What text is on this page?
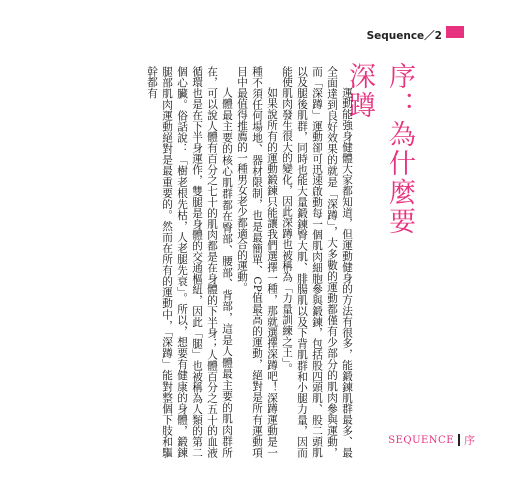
Sequence／2
序：為什麼要深蹲

運動能強身健體大家都知道，但運動健身的方法有很多，能鍛鍊肌群最多、最全面達到良好效果的就是「深蹲」，大多數的運動都僅有少部分的肌肉參與運動，而「深蹲」運動卻可迅速啟動每一個肌肉細胞參與鍛鍊，包括股四頭肌、股二頭肌以及腿後肌群，同時也能大量鍛鍊臀大肌、腓腸肌以及下背肌群和小腿力量，因而能使肌肉發生很大的變化，因此深蹲也被稱為「力量訓練之王」。

如果說所有的運動鍛鍊只能讓我們選擇一種，那就選擇深蹲吧！深蹲運動是一種不須任何場地、器材限制，也是最簡單、CP值最高的運動，絕對是所有運動項目中最值得推薦的一種男女老少都適合的運動。

人體最主要的核心肌群都在臀部、腰部、背部，這是人體最主要的肌肉群所在，可以說人體有百分之七十的肌肉都是在身體的下半身；人體百分之五十的血液循環也是在下半身運作，雙腿是身體的交通樞紐，因此「腿」也被稱為人類的第二個心臟。俗話說：「樹老根先枯，人老腿先衰」。所以，想要有健康的身體，鍛鍊腿部肌肉運動絕對是最重要的。然而在所有的運動中，「深蹲」能對整個下肢和驅幹都有

SEQUENCE 序
